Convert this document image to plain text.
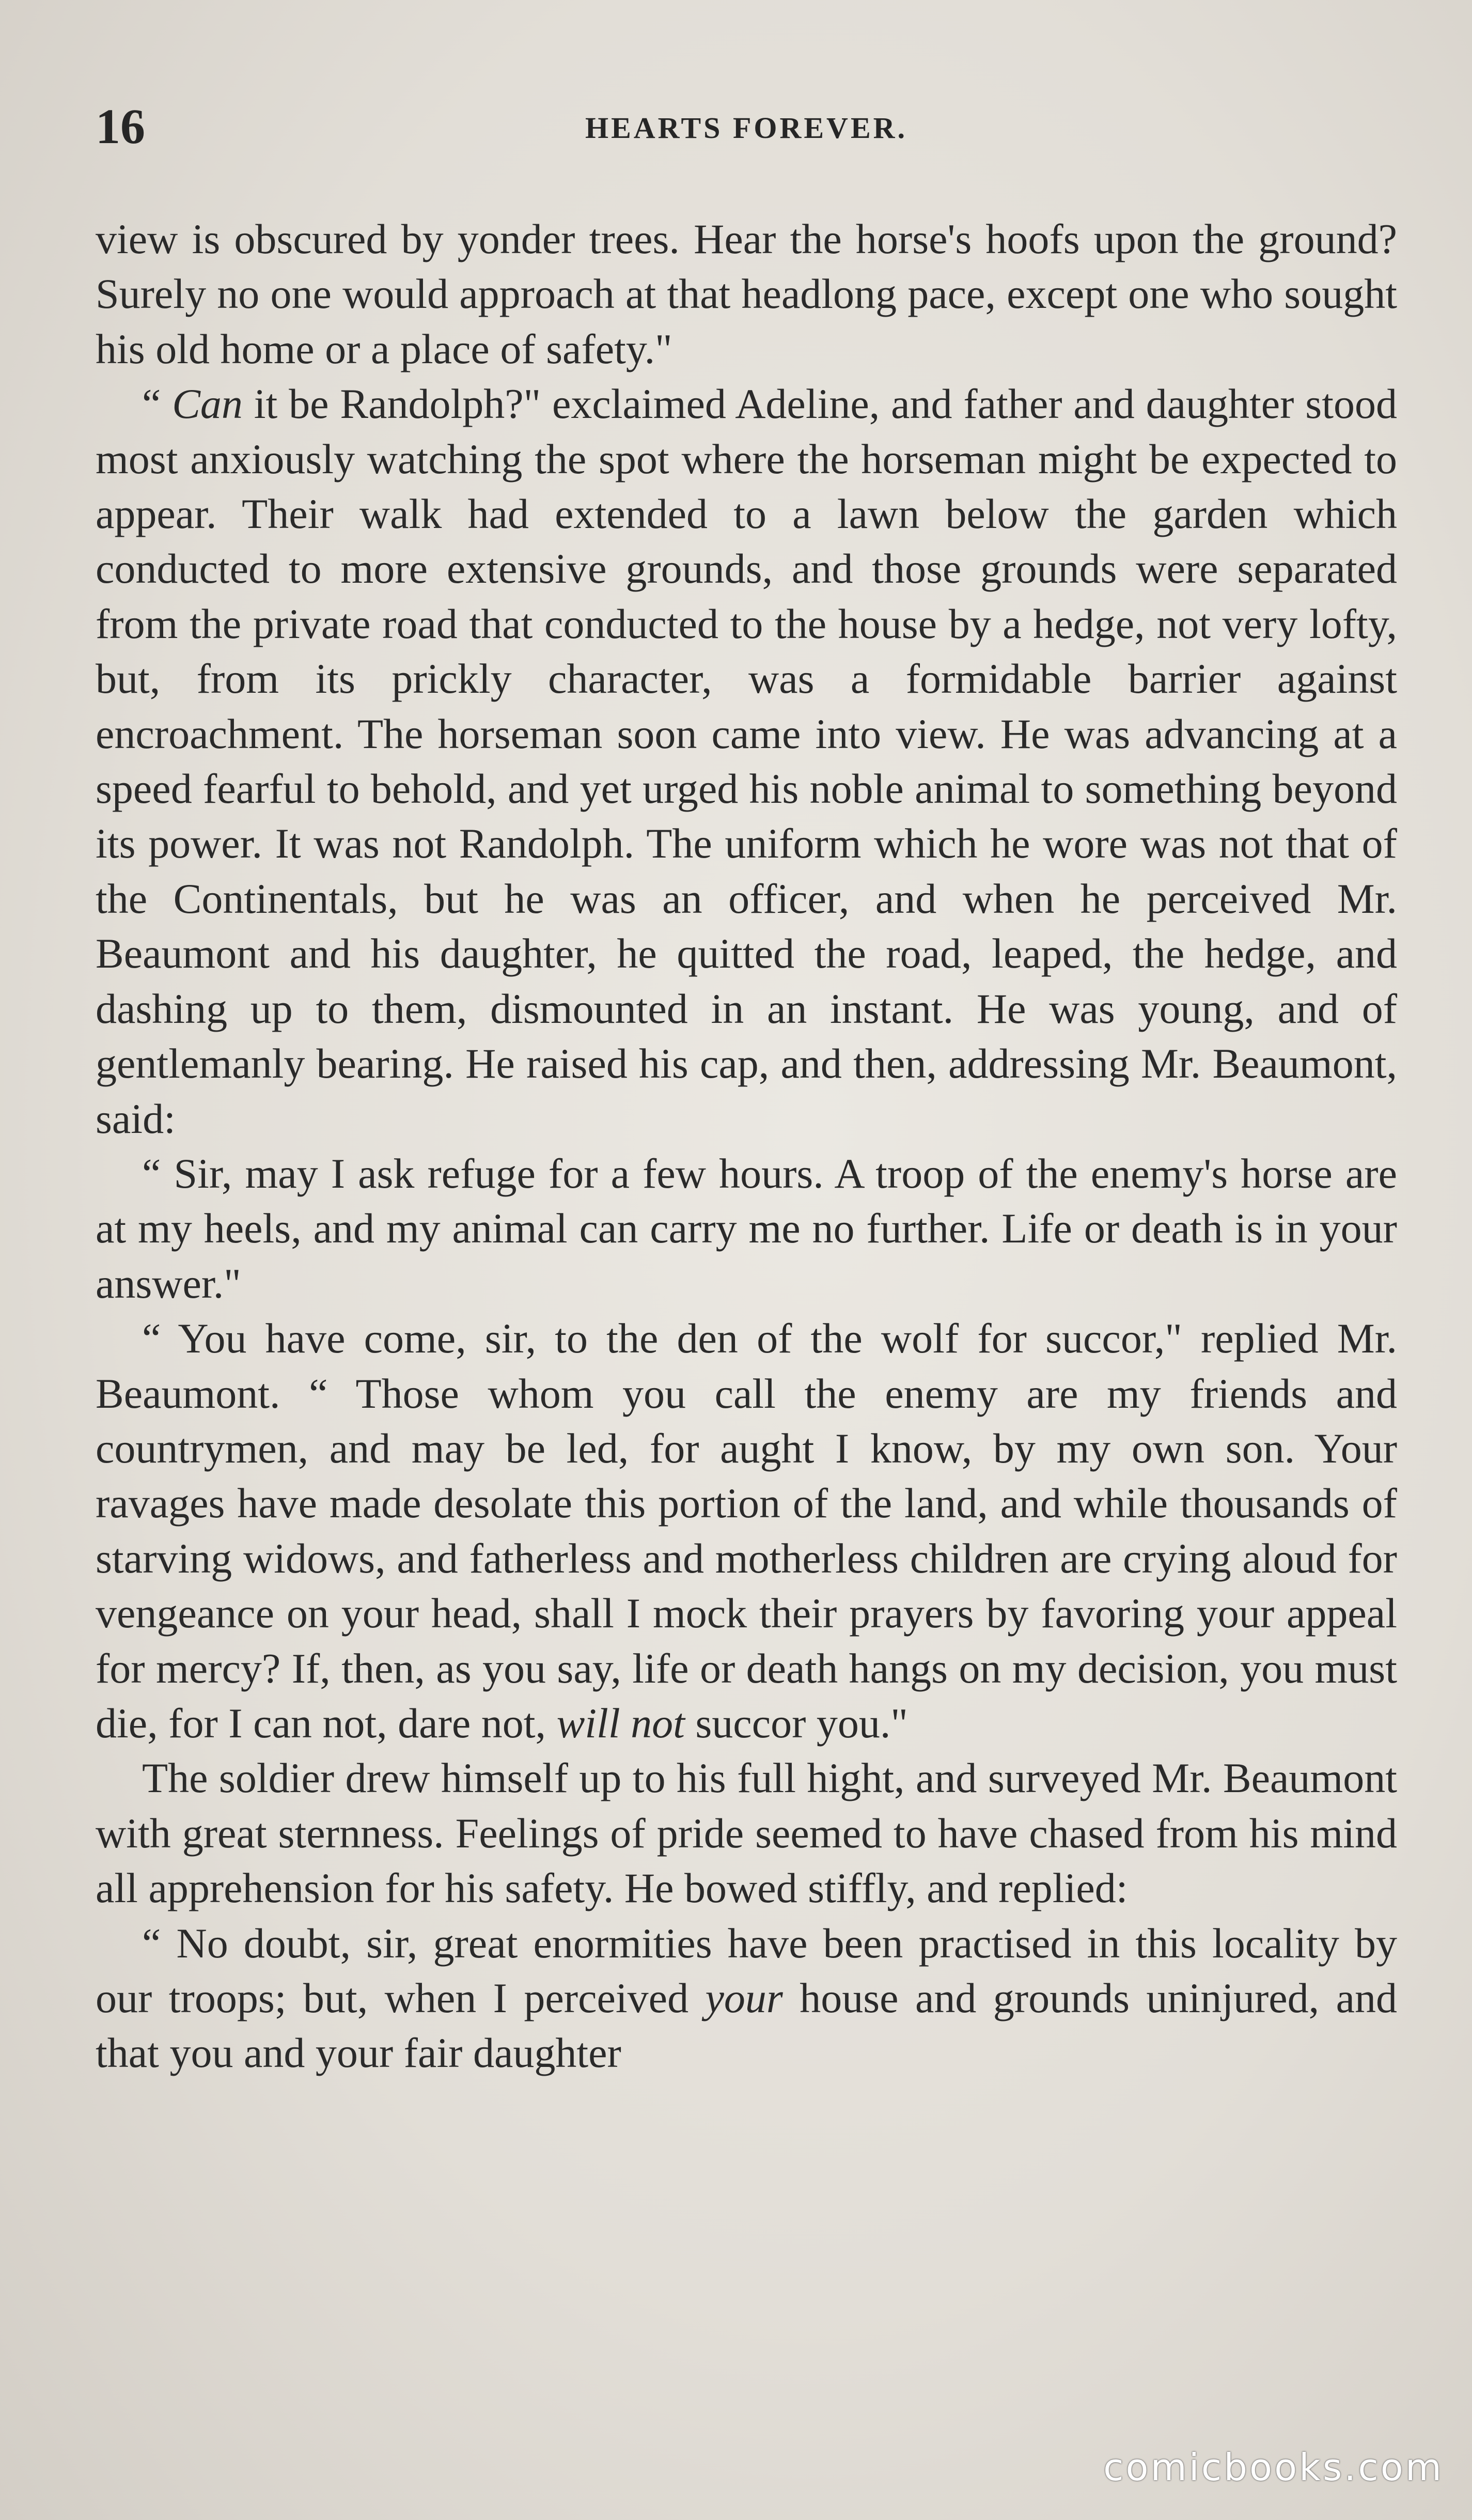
16	HEARTS FOREVER.

view is obscured by yonder trees. Hear the horse's hoofs upon the ground? Surely no one would approach at that headlong pace, except one who sought his old home or a place of safety."

“ Can it be Randolph?" exclaimed Adeline, and father and daughter stood most anxiously watching the spot where the horseman might be expected to appear. Their walk had extended to a lawn below the garden which conducted to more extensive grounds, and those grounds were separated from the private road that conducted to the house by a hedge, not very lofty, but, from its prickly character, was a formidable barrier against encroachment. The horseman soon came into view. He was advancing at a speed fearful to behold, and yet urged his noble animal to something beyond its power. It was not Randolph. The uniform which he wore was not that of the Continentals, but he was an officer, and when he perceived Mr. Beaumont and his daughter, he quitted the road, leaped, the hedge, and dashing up to them, dismounted in an instant. He was young, and of gentlemanly bearing. He raised his cap, and then, addressing Mr. Beaumont, said:

“ Sir, may I ask refuge for a few hours. A troop of the enemy's horse are at my heels, and my animal can carry me no further. Life or death is in your answer."

“ You have come, sir, to the den of the wolf for succor," replied Mr. Beaumont. “ Those whom you call the enemy are my friends and countrymen, and may be led, for aught I know, by my own son. Your ravages have made desolate this portion of the land, and while thousands of starving widows, and fatherless and motherless children are crying aloud for vengeance on your head, shall I mock their prayers by favoring your appeal for mercy? If, then, as you say, life or death hangs on my decision, you must die, for I can not, dare not, will not succor you."

The soldier drew himself up to his full hight, and surveyed Mr. Beaumont with great sternness. Feelings of pride seemed to have chased from his mind all apprehension for his safety. He bowed stiffly, and replied:

“ No doubt, sir, great enormities have been practised in this locality by our troops; but, when I perceived your house and grounds uninjured, and that you and your fair daughter

comicbooks.com
